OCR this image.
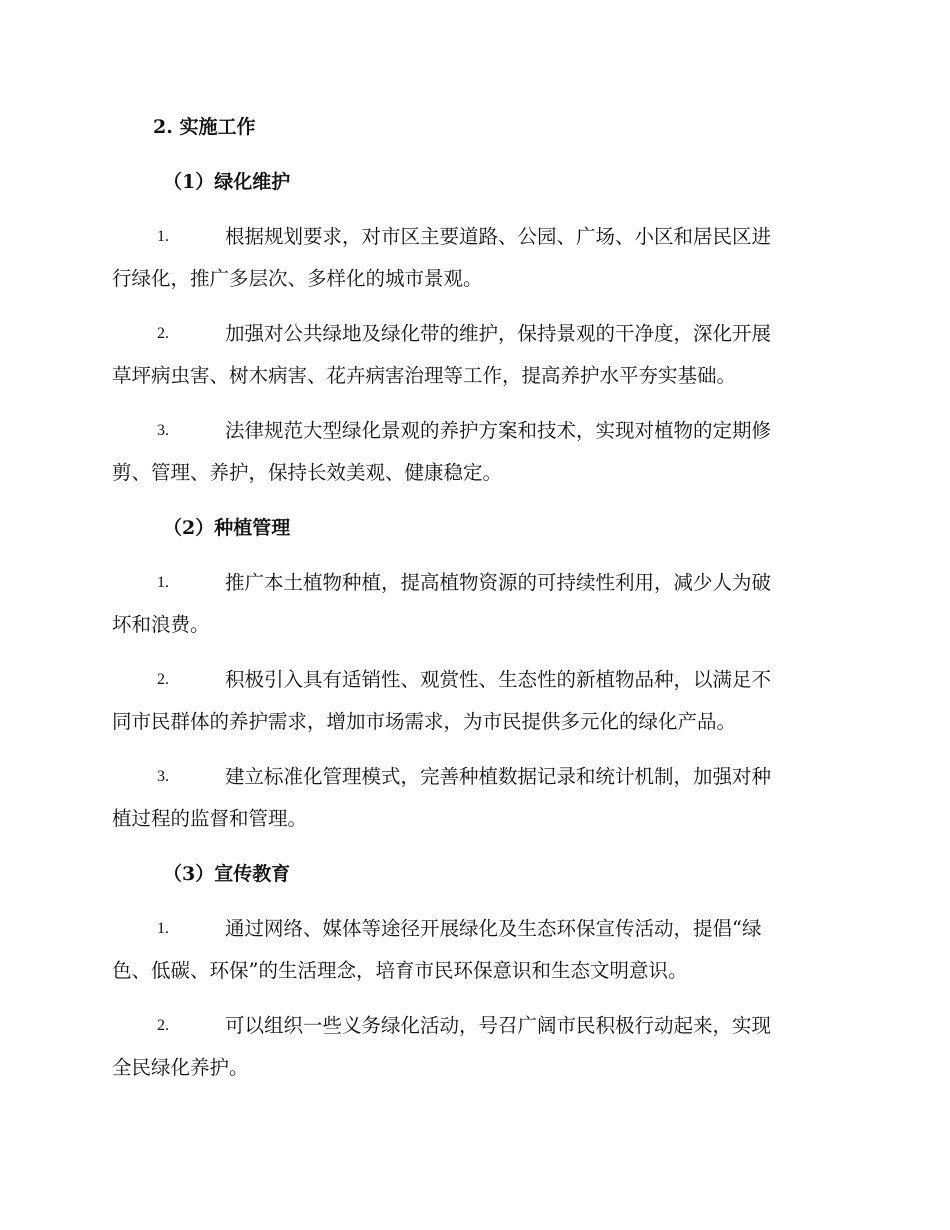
2. 实施工作
（1）绿化维护
1.	根据规划要求，对市区主要道路、公园、广场、小区和居民区进
行绿化，推广多层次、多样化的城市景观。
2.	加强对公共绿地及绿化带的维护，保持景观的干净度，深化开展
草坪病虫害、树木病害、花卉病害治理等工作，提高养护水平夯实基础。
3.	法律规范大型绿化景观的养护方案和技术，实现对植物的定期修
剪、管理、养护，保持长效美观、健康稳定。
（2）种植管理
1.	推广本土植物种植，提高植物资源的可持续性利用，减少人为破
坏和浪费。
2.	积极引入具有适销性、观赏性、生态性的新植物品种，以满足不
同市民群体的养护需求，增加市场需求，为市民提供多元化的绿化产品。
3.	建立标准化管理模式，完善种植数据记录和统计机制，加强对种
植过程的监督和管理。
（3）宣传教育
1.	通过网络、媒体等途径开展绿化及生态环保宣传活动，提倡“绿
色、低碳、环保”的生活理念，培育市民环保意识和生态文明意识。
2.	可以组织一些义务绿化活动，号召广阔市民积极行动起来，实现
全民绿化养护。
